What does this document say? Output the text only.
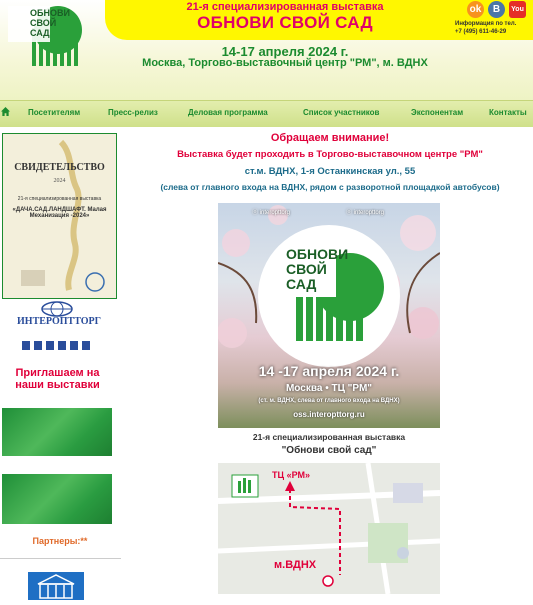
ОБНОВИ
СВОЙ
САД
21-я специализированная выставка
ОБНОВИ СВОЙ САД
14-17 апреля 2024 г.
Москва, Торгово-выставочный центр "РМ", м. ВДНХ
ok	B	You
Информация по тел.
+7 (495) 611-46-29
Посетителям	Пресс-релиз	Деловая программа	Список участников	Экспонентам	Контакты
СВИДЕТЕЛЬСТВО
2024
21-я специализированная выставка
«ДАЧА.САД.ЛАНДШАФТ. Малая Механизация -2024»
ИНТЕРОПТТОРГ
Приглашаем на наши выставки
Партнеры:**
Обращаем внимание!
Выставка будет проходить в Торгово-выставочном центре "РМ"
ст.м. ВДНХ, 1-я Останкинская ул., 55
(слева от главного входа на ВДНХ, рядом с разворотной площадкой автобусов)
⓪ interopttorg	⓪ interopttorg
ОБНОВИ
СВОЙ
САД
14 -17 апреля 2024 г.
Москва • ТЦ "РМ"
(ст. м. ВДНХ, слева от главного входа на ВДНХ)
oss.interopttorg.ru
21-я специализированная выставка
"Обнови свой сад"
ТЦ «РМ»
м.ВДНХ
